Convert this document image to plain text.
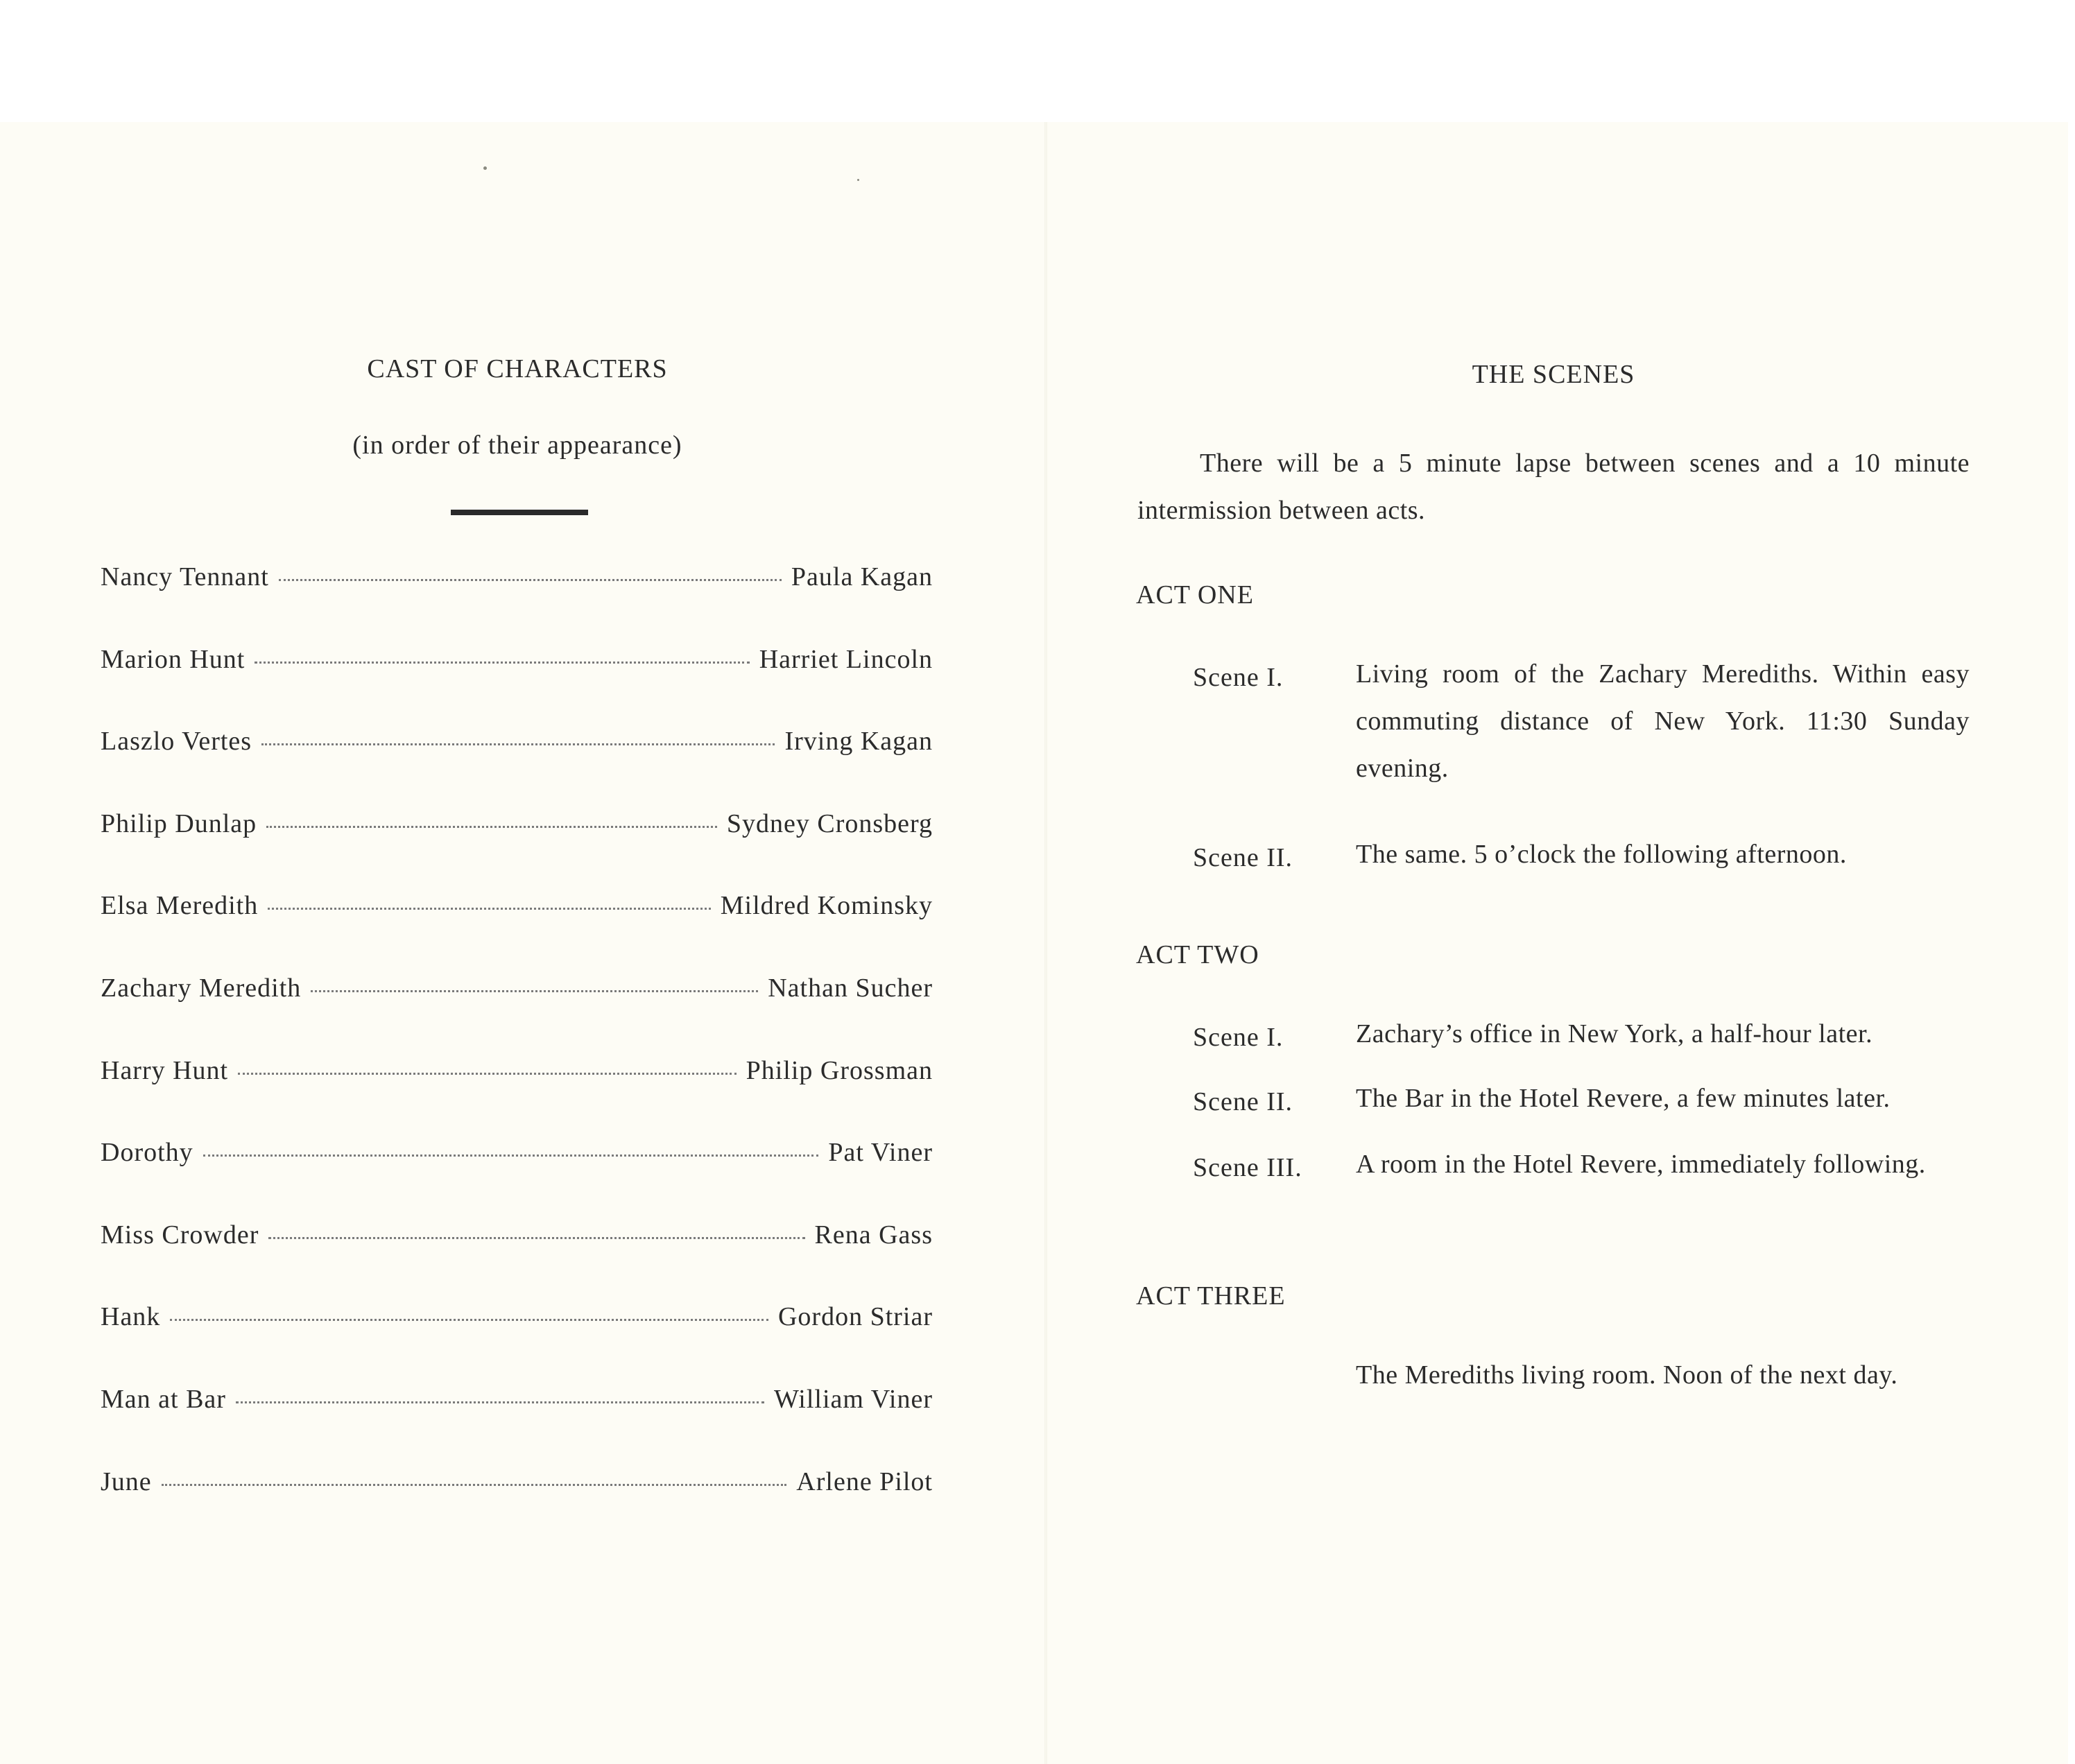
CAST OF CHARACTERS
(in order of their appearance)
Nancy Tennant	Paula Kagan
Marion Hunt	Harriet Lincoln
Laszlo Vertes	Irving Kagan
Philip Dunlap	Sydney Cronsberg
Elsa Meredith	Mildred Kominsky
Zachary Meredith	Nathan Sucher
Harry Hunt	Philip Grossman
Dorothy	Pat Viner
Miss Crowder	Rena Gass
Hank	Gordon Striar
Man at Bar	William Viner
June	Arlene Pilot
THE SCENES
There will be a 5 minute lapse between scenes and a 10 minute intermission between acts.
ACT ONE
Scene I.	Living room of the Zachary Merediths. Within easy commuting distance of New York. 11:30 Sunday evening.
Scene II. The same. 5 o’clock the following afternoon.
ACT TWO
Scene I.	Zachary’s office in New York, a half-hour later.
Scene II. The Bar in the Hotel Revere, a few minutes later.
Scene III. A room in the Hotel Revere, immediately following.
ACT THREE
The Merediths living room. Noon of the next day.
